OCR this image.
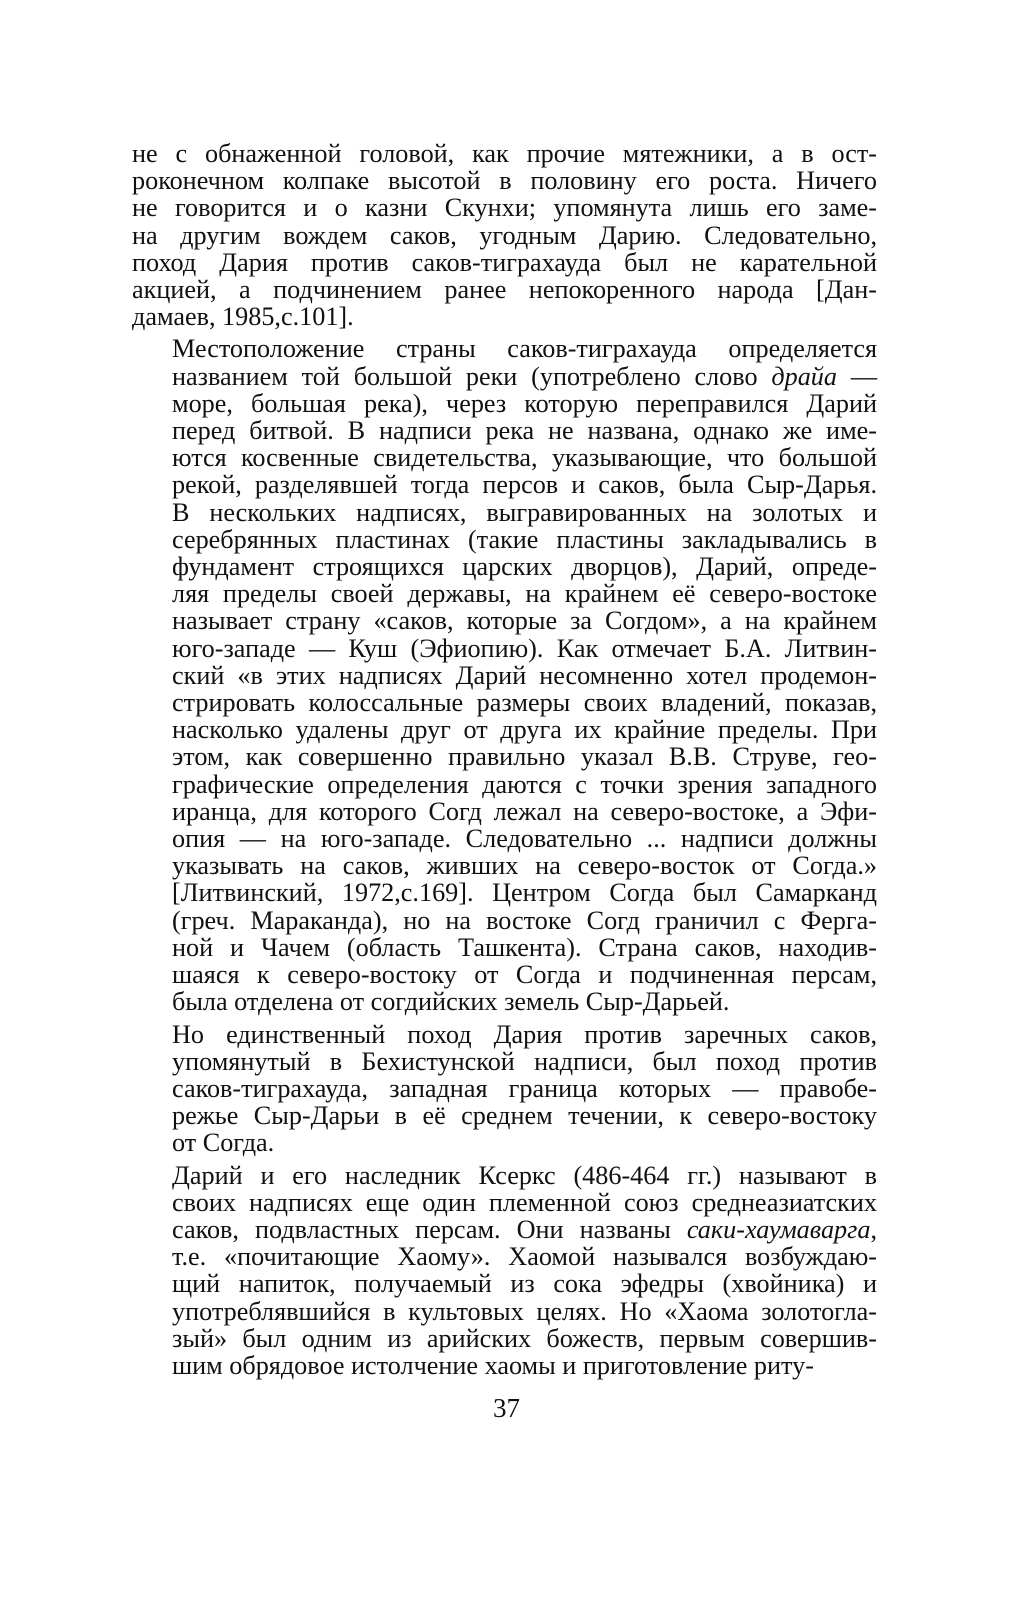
не с обнаженной головой, как прочие мятежники, а в ост-
роконечном колпаке высотой в половину его роста. Ничего
не говорится и о казни Скунхи; упомянута лишь его заме-
на другим вождем саков, угодным Дарию. Следовательно,
поход Дария против саков-тиграхауда был не карательной
акцией, а подчинением ранее непокоренного народа [Дан-
дамаев, 1985,с.101].
Местоположение страны саков-тиграхауда определяется
названием той большой реки (употреблено слово драйа —
море, большая река), через которую переправился Дарий
перед битвой. В надписи река не названа, однако же име-
ются косвенные свидетельства, указывающие, что большой
рекой, разделявшей тогда персов и саков, была Сыр-Дарья.
В нескольких надписях, выгравированных на золотых и
серебрянных пластинах (такие пластины закладывались в
фундамент строящихся царских дворцов), Дарий, опреде-
ляя пределы своей державы, на крайнем её северо-востоке
называет страну «саков, которые за Согдом», а на крайнем
юго-западе — Куш (Эфиопию). Как отмечает Б.А. Литвин-
ский «в этих надписях Дарий несомненно хотел продемон-
стрировать колоссальные размеры своих владений, показав,
насколько удалены друг от друга их крайние пределы. При
этом, как совершенно правильно указал В.В. Струве, гео-
графические определения даются с точки зрения западного
иранца, для которого Согд лежал на северо-востоке, а Эфи-
опия — на юго-западе. Следовательно ... надписи должны
указывать на саков, живших на северо-восток от Согда.»
[Литвинский, 1972,с.169]. Центром Согда был Самарканд
(греч. Мараканда), но на востоке Согд граничил с Ферга-
ной и Чачем (область Ташкента). Страна саков, находив-
шаяся к северо-востоку от Согда и подчиненная персам,
была отделена от согдийских земель Сыр-Дарьей.
Но единственный поход Дария против заречных саков,
упомянутый в Бехистунской надписи, был поход против
саков-тиграхауда, западная граница которых — правобе-
режье Сыр-Дарьи в её среднем течении, к северо-востоку
от Согда.
Дарий и его наследник Ксеркс (486-464 гг.) называют в
своих надписях еще один племенной союз среднеазиатских
саков, подвластных персам. Они названы саки-хаумаварга,
т.е. «почитающие Хаому». Хаомой назывался возбуждаю-
щий напиток, получаемый из сока эфедры (хвойника) и
употреблявшийся в культовых целях. Но «Хаома золотогла-
зый» был одним из арийских божеств, первым совершив-
шим обрядовое истолчение хаомы и приготовление риту-
37
